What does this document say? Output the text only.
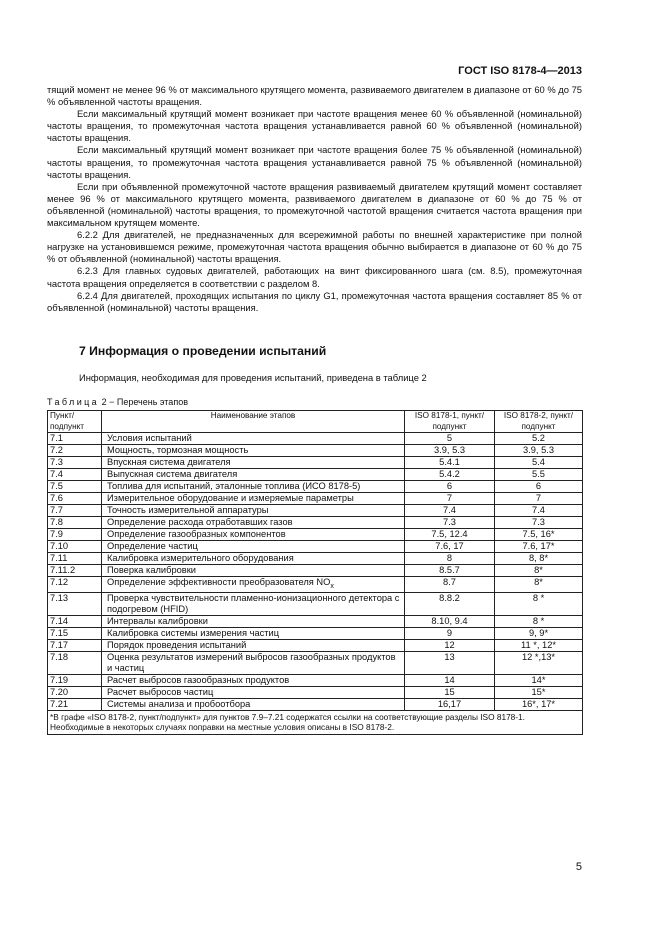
ГОСТ ISO 8178-4—2013

тящий момент не менее 96 % от максимального крутящего момента, развиваемого двигателем в диапазоне от 60 % до 75 % объявленной частоты вращения.

Если максимальный крутящий момент возникает при частоте вращения менее 60 % объявленной (номинальной) частоты вращения, то промежуточная частота вращения устанавливается равной 60 % объявленной (номинальной) частоты вращения.

Если максимальный крутящий момент возникает при частоте вращения более 75 % объявленной (номинальной) частоты вращения, то промежуточная частота вращения устанавливается равной 75 % объявленной (номинальной) частоты вращения.

Если при объявленной промежуточной частоте вращения развиваемый двигателем крутящий момент составляет менее 96 % от максимального крутящего момента, развиваемого двигателем в диапазоне от 60 % до 75 % от объявленной (номинальной) частоты вращения, то промежуточной частотой вращения считается частота вращения при максимальном крутящем моменте.

6.2.2 Для двигателей, не предназначенных для всережимной работы по внешней характеристике при полной нагрузке на установившемся режиме, промежуточная частота вращения обычно выбирается в диапазоне от 60 % до 75 % от объявленной (номинальной) частоты вращения.

6.2.3 Для главных судовых двигателей, работающих на винт фиксированного шага (см. 8.5), промежуточная частота вращения определяется в соответствии с разделом 8.

6.2.4 Для двигателей, проходящих испытания по циклу G1, промежуточная частота вращения составляет 85 % от объявленной (номинальной) частоты вращения.

7 Информация о проведении испытаний
Информация, необходимая для проведения испытаний, приведена в таблице 2
Таблица 2 − Перечень этапов
Пункт/ подпункт	Наименование этапов	ISO 8178-1, пункт/подпункт	ISO 8178-2, пункт/подпункт
7.1	Условия испытаний	5	5.2
7.2	Мощность, тормозная мощность	3.9, 5.3	3.9, 5.3
7.3	Впускная система двигателя	5.4.1	5.4
7.4	Выпускная система двигателя	5.4.2	5.5
7.5	Топлива для испытаний, эталонные топлива (ИСО 8178-5)	6	6
7.6	Измерительное оборудование и измеряемые параметры	7	7
7.7	Точность измерительной аппаратуры	7.4	7.4
7.8	Определение расхода отработавших газов	7.3	7.3
7.9	Определение газообразных компонентов	7.5, 12.4	7.5, 16*
7.10	Определение частиц	7.6, 17	7.6, 17*
7.11	Калибровка измерительного оборудования	8	8, 8*
7.11.2	Поверка калибровки	8.5.7	8*
7.12	Определение эффективности преобразователя $NO_x$	8.7	8*
7.13	Проверка чувствительности пламенно-ионизационного детектора с подогревом (HFID)	8.8.2	8 *
7.14	Интервалы калибровки	8.10, 9.4	8 *
7.15	Калибровка системы измерения частиц	9	9, 9*
7.17	Порядок проведения испытаний	12	11 *, 12*
7.18	Оценка результатов измерений выбросов газообразных продуктов и частиц	13	12 *,13*
7.19	Расчет выбросов газообразных продуктов	14	14*
7.20	Расчет выбросов частиц	15	15*
7.21	Системы анализа и пробоотбора	16,17	16*, 17*
*В графе «ISO 8178-2, пункт/подпункт» для пунктов 7.9–7.21 содержатся ссылки на соответствующие разделы ISO 8178-1. Необходимые в некоторых случаях поправки на местные условия описаны в ISO 8178-2.			
5
